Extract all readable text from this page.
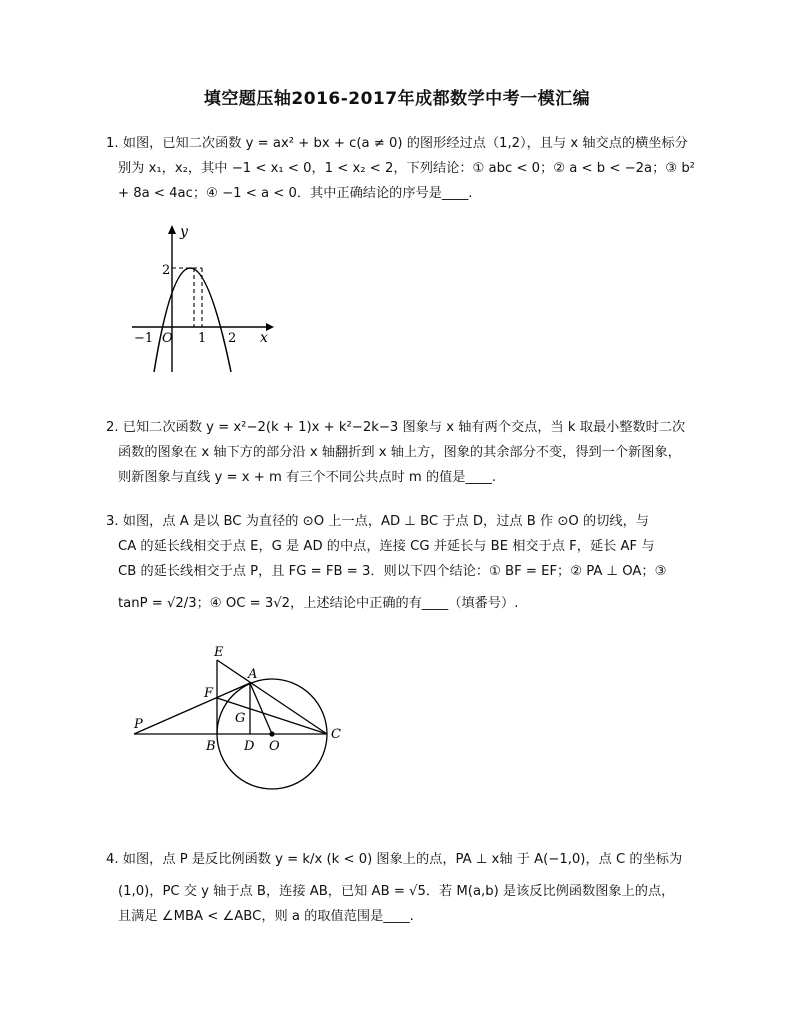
填空题压轴2016-2017年成都数学中考一模汇编
1. 如图，已知二次函数 y = ax² + bx + c(a ≠ 0) 的图形经过点（1,2），且与 x 轴交点的横坐标分
别为 x₁，x₂，其中 −1 < x₁ < 0，1 < x₂ < 2，下列结论：① abc < 0；② a < b < −2a；③ b²
+ 8a < 4ac；④ −1 < a < 0．其中正确结论的序号是____.
y
x
2
O
−1	1 2
2. 已知二次函数 y = x²−2(k + 1)x + k²−2k−3 图象与 x 轴有两个交点，当 k 取最小整数时二次
函数的图象在 x 轴下方的部分沿 x 轴翻折到 x 轴上方，图象的其余部分不变，得到一个新图象，
则新图象与直线 y = x + m 有三个不同公共点时 m 的值是____.
3. 如图，点 A 是以 BC 为直径的 ⊙O 上一点，AD ⊥ BC 于点 D，过点 B 作 ⊙O 的切线，与
CA 的延长线相交于点 E，G 是 AD 的中点，连接 CG 并延长与 BE 相交于点 F，延长 AF 与
CB 的延长线相交于点 P，且 FG = FB = 3．则以下四个结论：① BF = EF；② PA ⊥ OA；③
tanP = √2/3；④ OC = 3√2，上述结论中正确的有____（填番号）.
E
A
F
G
P
B D O
C
4. 如图，点 P 是反比例函数 y = k/x (k < 0) 图象上的点，PA ⊥ x轴 于 A(−1,0)，点 C 的坐标为
(1,0)，PC 交 y 轴于点 B，连接 AB，已知 AB = √5．若 M(a,b) 是该反比例函数图象上的点，
且满足 ∠MBA < ∠ABC，则 a 的取值范围是____.
